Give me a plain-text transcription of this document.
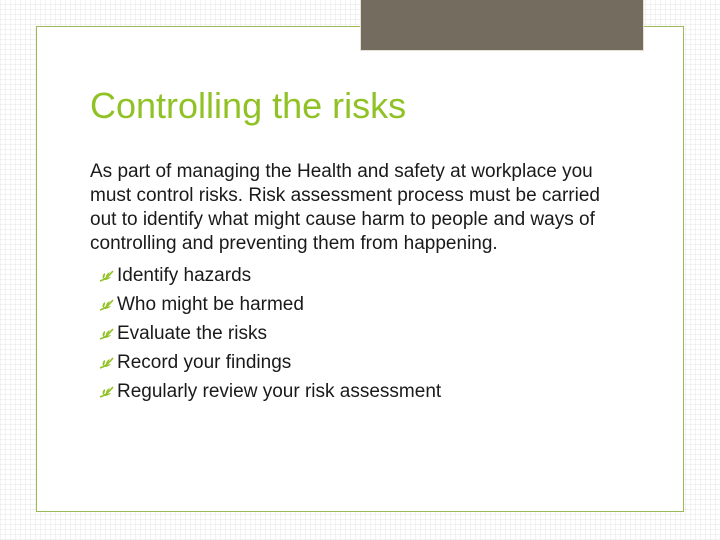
Controlling the risks
As part of managing the Health and safety at workplace you must control risks. Risk assessment process must be carried out to identify what might cause harm to people and ways of controlling and preventing them from happening.
Identify hazards
Who might be harmed
Evaluate the risks
Record your findings
Regularly review your risk assessment
